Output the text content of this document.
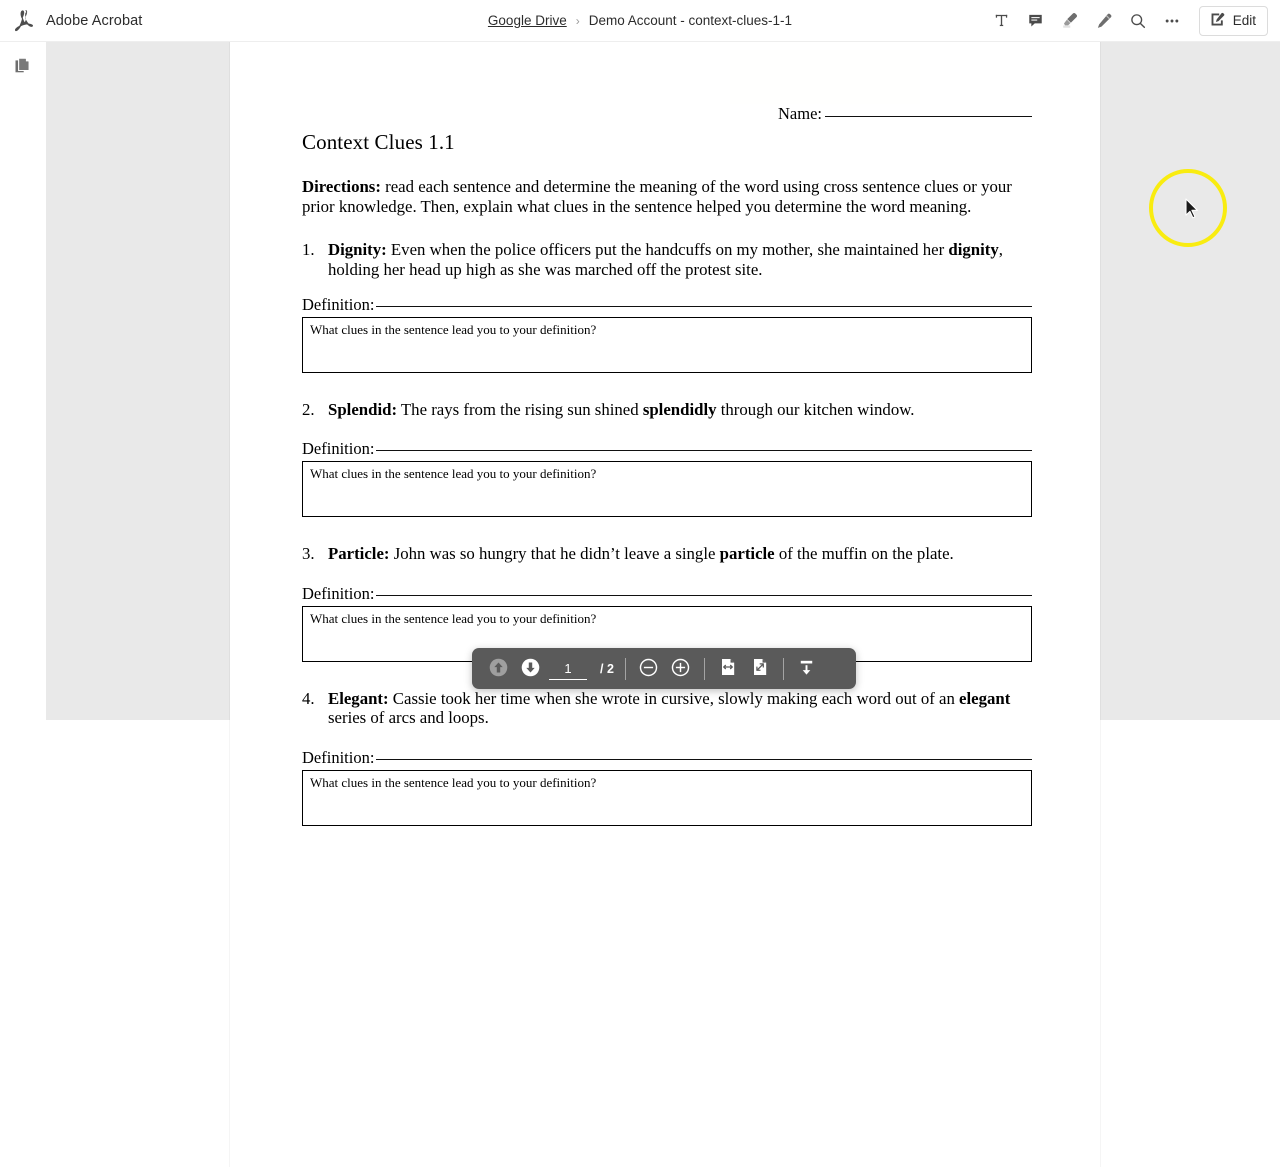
Adobe Acrobat	Google Drive › Demo Account - context-clues-1-1	Edit
Name:
Context Clues 1.1

Directions: read each sentence and determine the meaning of the word using cross sentence clues or your prior knowledge. Then, explain what clues in the sentence helped you determine the word meaning.

1. Dignity: Even when the police officers put the handcuffs on my mother, she maintained her dignity, holding her head up high as she was marched off the protest site.
Definition:
What clues in the sentence lead you to your definition?
2. Splendid: The rays from the rising sun shined splendidly through our kitchen window.
Definition:
What clues in the sentence lead you to your definition?
3. Particle: John was so hungry that he didn’t leave a single particle of the muffin on the plate.
Definition:
What clues in the sentence lead you to your definition?
4. Elegant: Cassie took her time when she wrote in cursive, slowly making each word out of an elegant series of arcs and loops.
Definition:
What clues in the sentence lead you to your definition?
1
/ 2
